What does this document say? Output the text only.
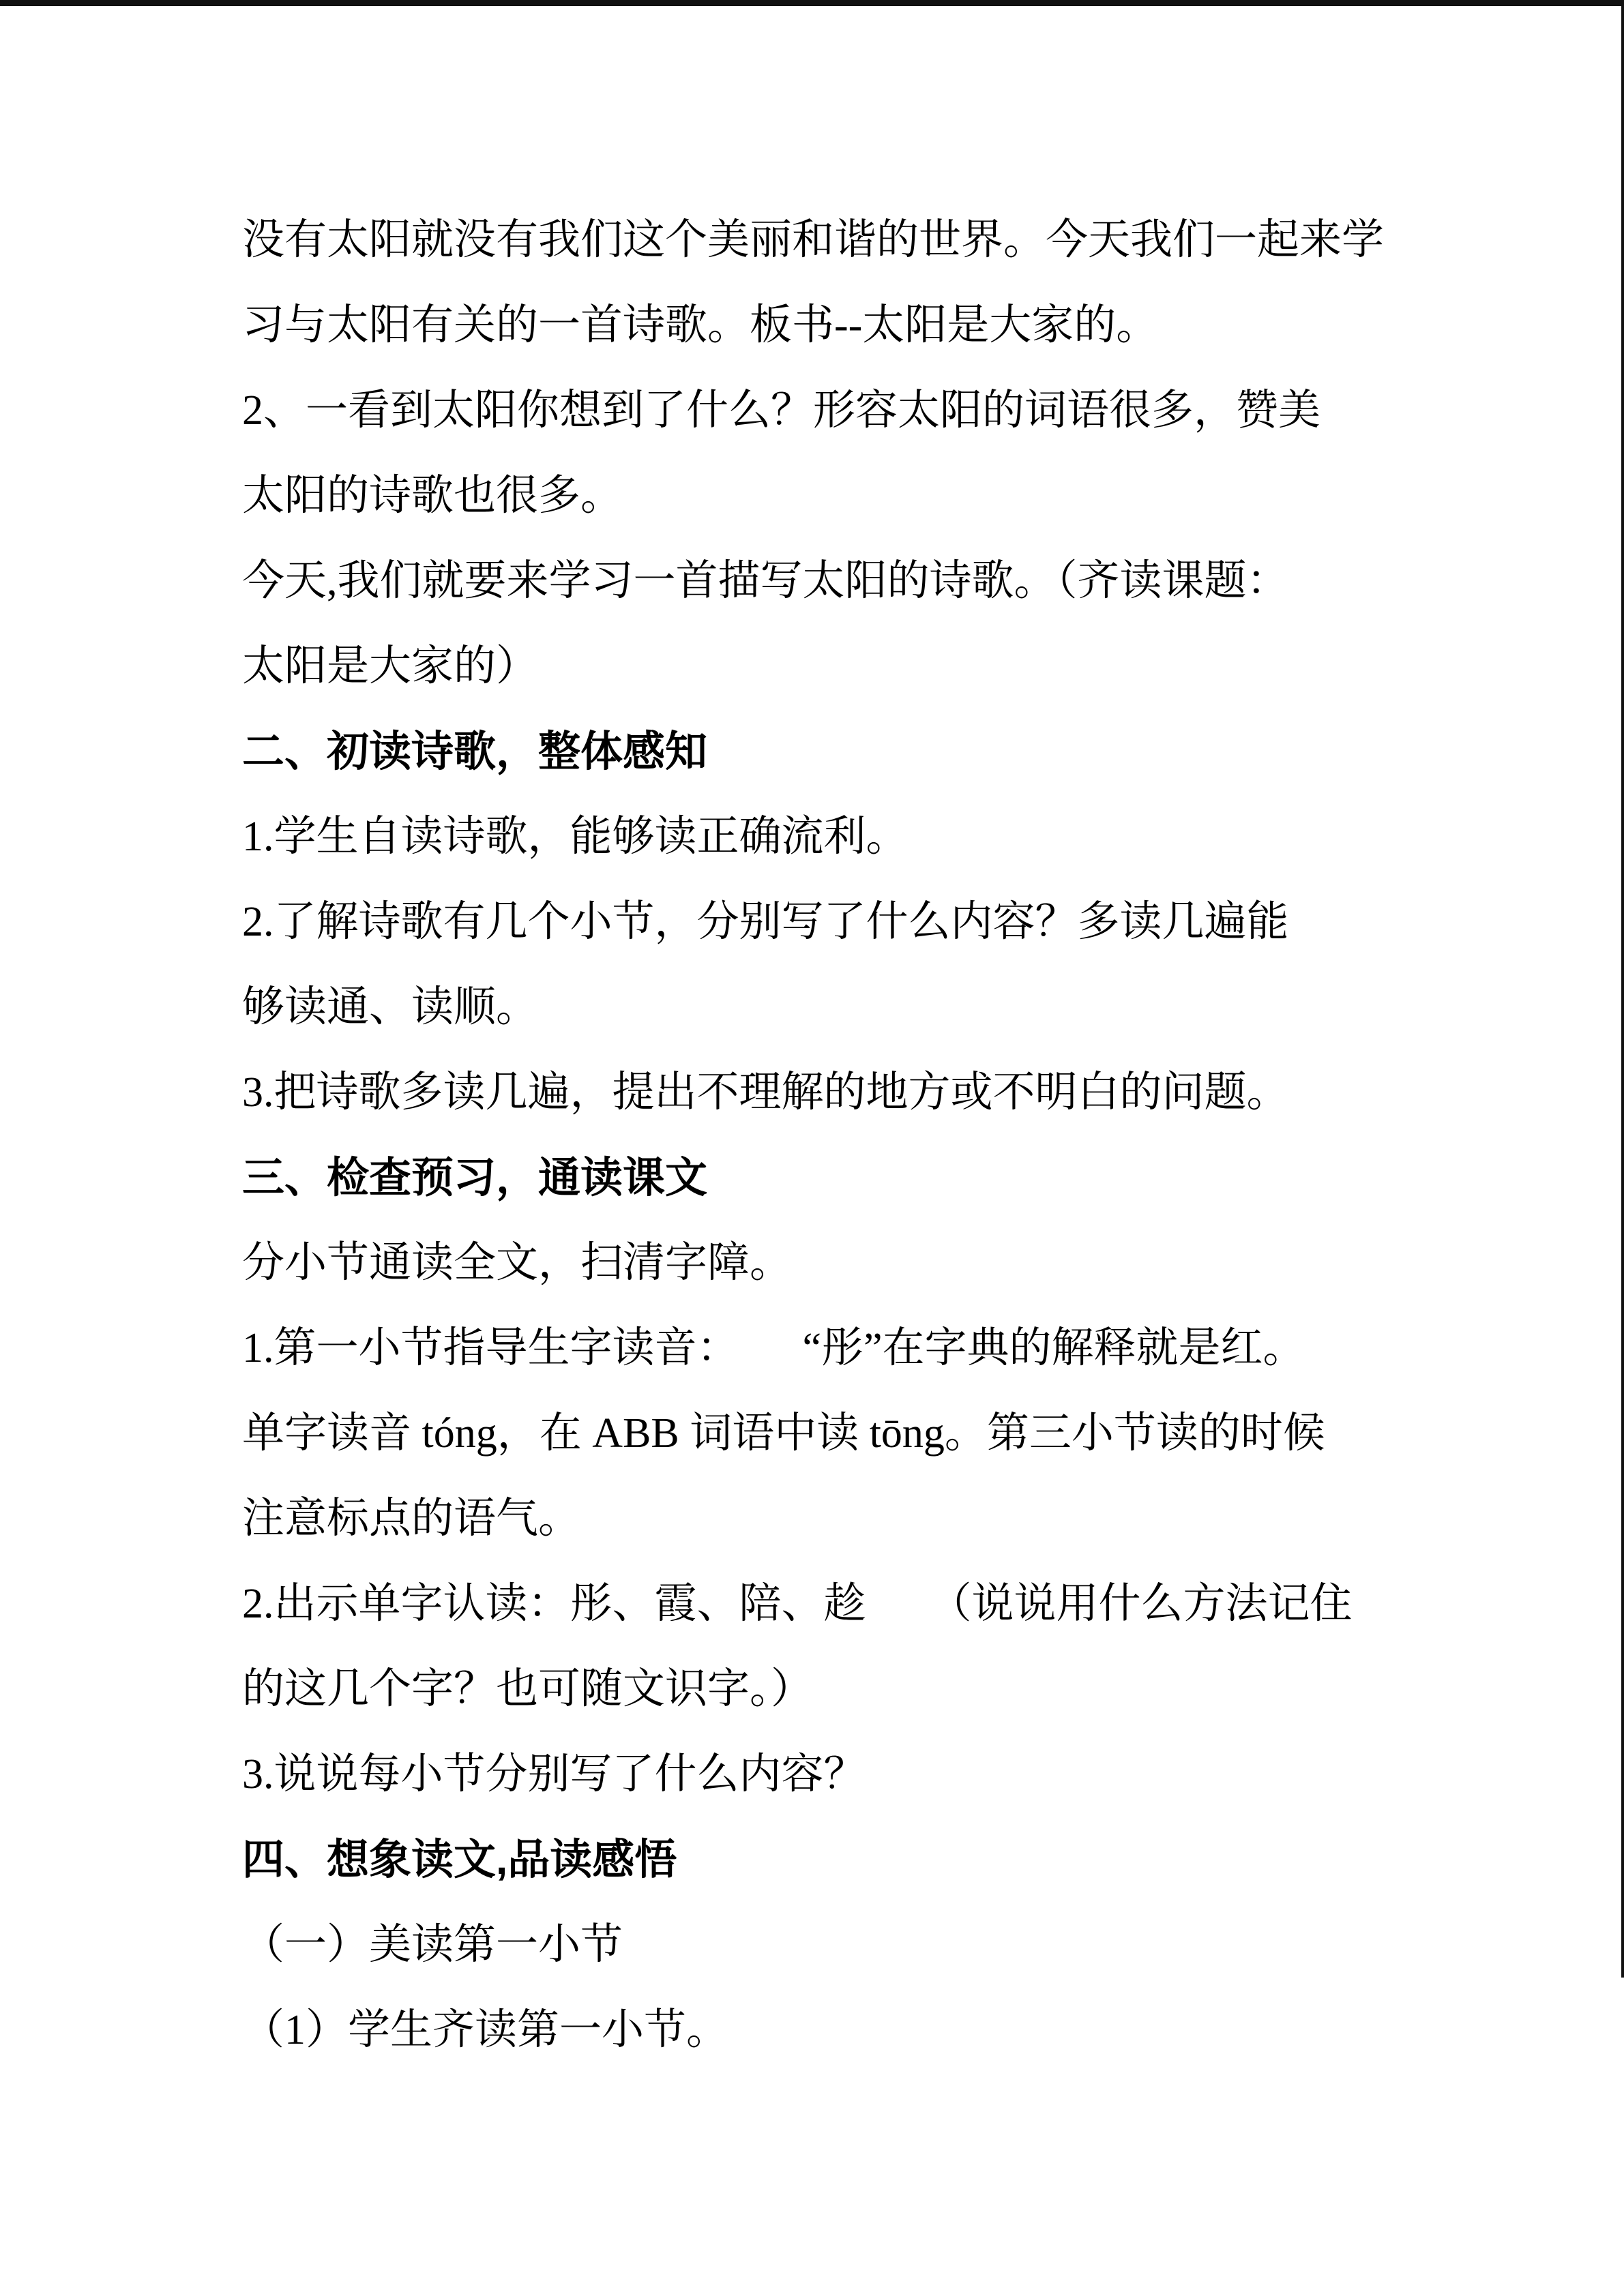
没有太阳就没有我们这个美丽和谐的世界。今天我们一起来学
习与太阳有关的一首诗歌。板书--太阳是大家的。
2、一看到太阳你想到了什么？形容太阳的词语很多，赞美
太阳的诗歌也很多。
今天,我们就要来学习一首描写太阳的诗歌。（齐读课题：
太阳是大家的）
二、初读诗歌，整体感知
1.学生自读诗歌，能够读正确流利。
2.了解诗歌有几个小节，分别写了什么内容？多读几遍能
够读通、读顺。
3.把诗歌多读几遍，提出不理解的地方或不明白的问题。
三、检查预习，通读课文
分小节通读全文，扫清字障。
1.第一小节指导生字读音：　　“彤”在字典的解释就是红。
单字读音 tóng，在 ABB 词语中读 tōng。第三小节读的时候
注意标点的语气。
2.出示单字认读：彤、霞、陪、趁　　（说说用什么方法记住
的这几个字？也可随文识字。）
3.说说每小节分别写了什么内容？
四、想象读文,品读感悟
（一）美读第一小节
（1）学生齐读第一小节。
